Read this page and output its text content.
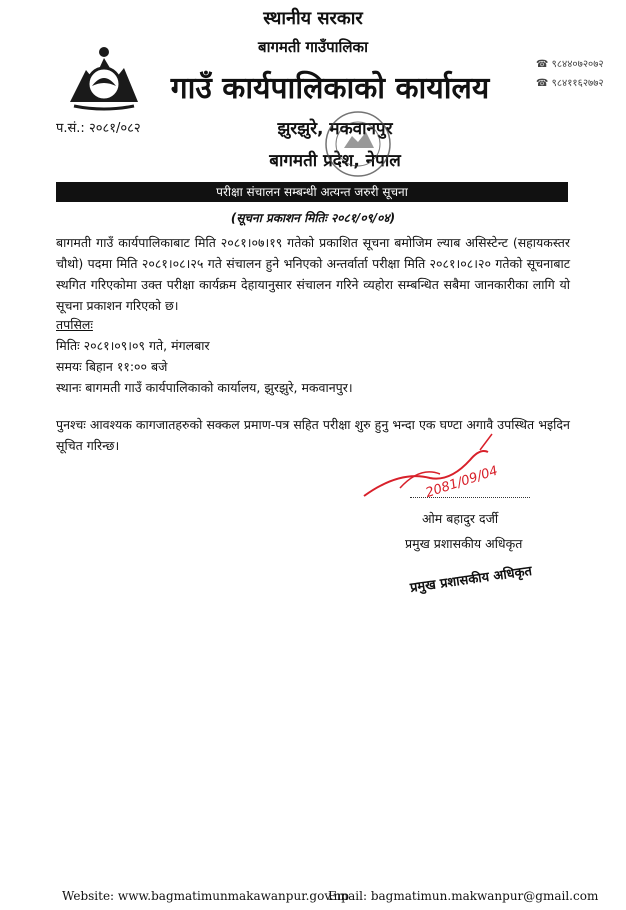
स्थानीय सरकार
बागमती गाउँपालिका
गाउँ कार्यपालिकाको कार्यालय
☎ ९८४४०७२०७२
☎ ९८४११६२७७२
प.सं.: २०८१/०८२	झुरझुरे, मकवानपुर
बागमती प्रदेश, नेपाल
परीक्षा संचालन सम्बन्धी अत्यन्त जरुरी सूचना
(सूचना प्रकाशन मितिः २०८१/०९/०४)
बागमती गाउँ कार्यपालिकाबाट मिति २०८१।०७।१९ गतेको प्रकाशित सूचना बमोजिम ल्याब असिस्टेन्ट (सहायकस्तर चौथो) पदमा मिति २०८१।०८।२५ गते संचालन हुने भनिएको अन्तर्वार्ता परीक्षा मिति २०८१।०८।२० गतेको सूचनाबाट स्थगित गरिएकोमा उक्त परीक्षा कार्यक्रम देहायानुसार संचालन गरिने व्यहोरा सम्बन्धित सबैमा जानकारीका लागि यो सूचना प्रकाशन गरिएको छ।
तपसिलः
मितिः २०८१।०९।०९ गते, मंगलबार
समयः बिहान ११:०० बजे
स्थानः बागमती गाउँ कार्यपालिकाको कार्यालय, झुरझुरे, मकवानपुर।
पुनश्चः आवश्यक कागजातहरुको सक्कल प्रमाण-पत्र सहित परीक्षा शुरु हुनु भन्दा एक घण्टा अगावै उपस्थित भइदिन सूचित गरिन्छ।
2081/09/04
ओम बहादुर दर्जी
प्रमुख प्रशासकीय अधिकृत
प्रमुख प्रशासकीय अधिकृत
Website: www.bagmatimunmakawanpur.gov.np
Email: bagmatimun.makwanpur@gmail.com
